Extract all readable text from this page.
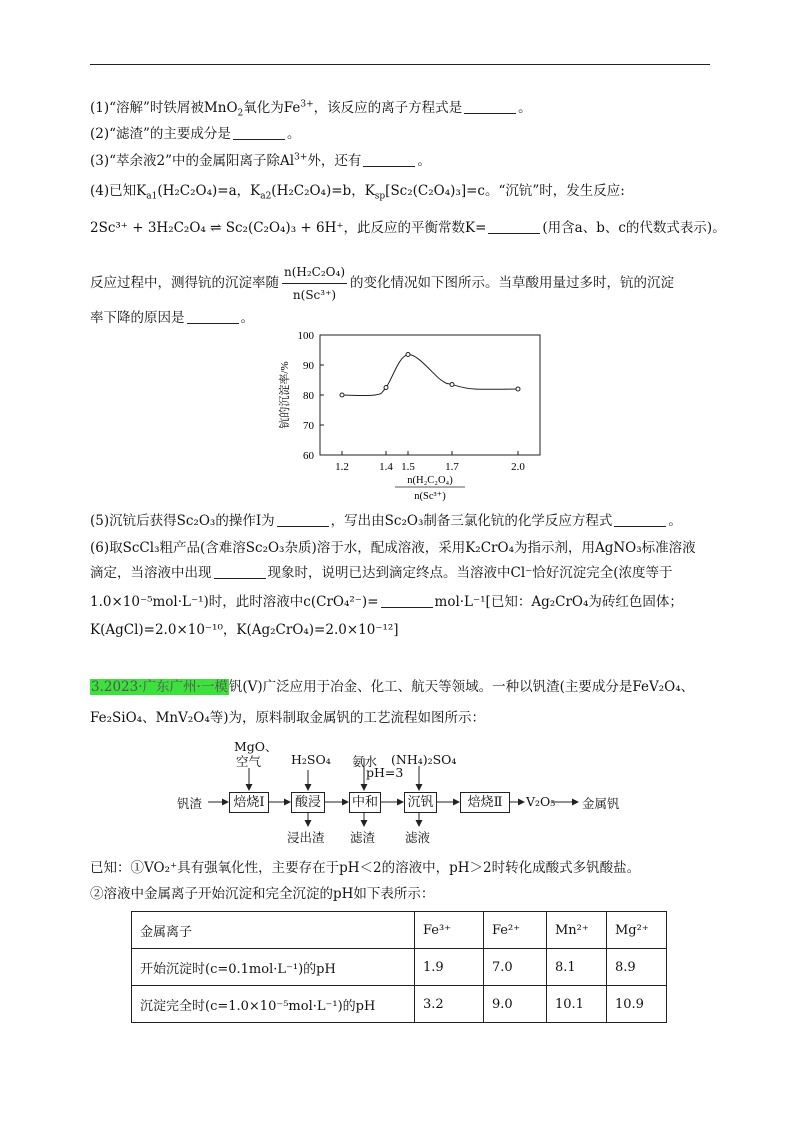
(1)“溶解”时铁屑被MnO$_2$氧化为$Fe^{3+}$，该反应的离子方程式是	。
(2)“滤渣”的主要成分是	。
(3)“萃余液2”中的金属阳离子除$Al^{3+}$外，还有	。
(4)已知$K_{a1}(H_2C_2O_4)=a$，$K_{a2}(H_2C_2O_4)=b$，$K_{sp}[Sc_2(C_2O_4)_3]=c$。“沉钪”时，发生反应:
2Sc³⁺ + 3H₂C₂O₄ ⇌ Sc₂(C₂O₄)₃ + 6H⁺，此反应的平衡常数K=	(用含a、b、c的代数式表示)。
反应过程中，测得钪的沉淀率随 $\frac{\text{n(H₂C₂O₄)}}{\text{n(Sc³⁺)}}$ 的变化情况如下图所示。当草酸用量过多时，钪的沉淀
率下降的原因是	。
60
70
80
90
100
1.2	1.4 1.5	1.7	2.0
钪的沉淀率/%
n(H₂C₂O₄)
n(Sc³⁺)
(5)沉钪后获得Sc₂O₃的操作Ⅰ为	，写出由Sc₂O₃制备三氯化钪的化学反应方程式	。
(6)取ScCl₃粗产品(含难溶Sc₂O₃杂质)溶于水，配成溶液，采用K₂CrO₄为指示剂，用AgNO₃标准溶液
滴定，当溶液中出现	现象时，说明已达到滴定终点。当溶液中Cl⁻恰好沉淀完全(浓度等于
1.0×10⁻⁵mol·L⁻¹)时，此时溶液中c(CrO₄²⁻)=	mol·L⁻¹[已知：Ag₂CrO₄为砖红色固体；
K(AgCl)=2.0×10⁻¹⁰，K(Ag₂CrO₄)=2.0×10⁻¹²]
3.2023·广东广州·一模钒(V)广泛应用于冶金、化工、航天等领域。一种以钒渣(主要成分是FeV₂O₄、
Fe₂SiO₄、MnV₂O₄等)为，原料制取金属钒的工艺流程如图所示：
钒渣	焙烧Ⅰ	酸浸	中和 沉钒	焙烧Ⅱ
MgO、
空气 H₂SO₄ 氨水
pH=3
(NH₄)₂SO₄
浸出渣 滤渣 滤液
V₂O₅ 金属钒
已知：①VO₂⁺具有强氧化性，主要存在于pH＜2的溶液中，pH＞2时转化成酸式多钒酸盐。
②溶液中金属离子开始沉淀和完全沉淀的pH如下表所示：
金属离子	Fe³⁺	Fe²⁺	Mn²⁺	Mg²⁺
开始沉淀时(c=0.1mol·L⁻¹)的pH	1.9	7.0	8.1	8.9
沉淀完全时(c=1.0×10⁻⁵mol·L⁻¹)的pH	3.2	9.0	10.1	10.9
